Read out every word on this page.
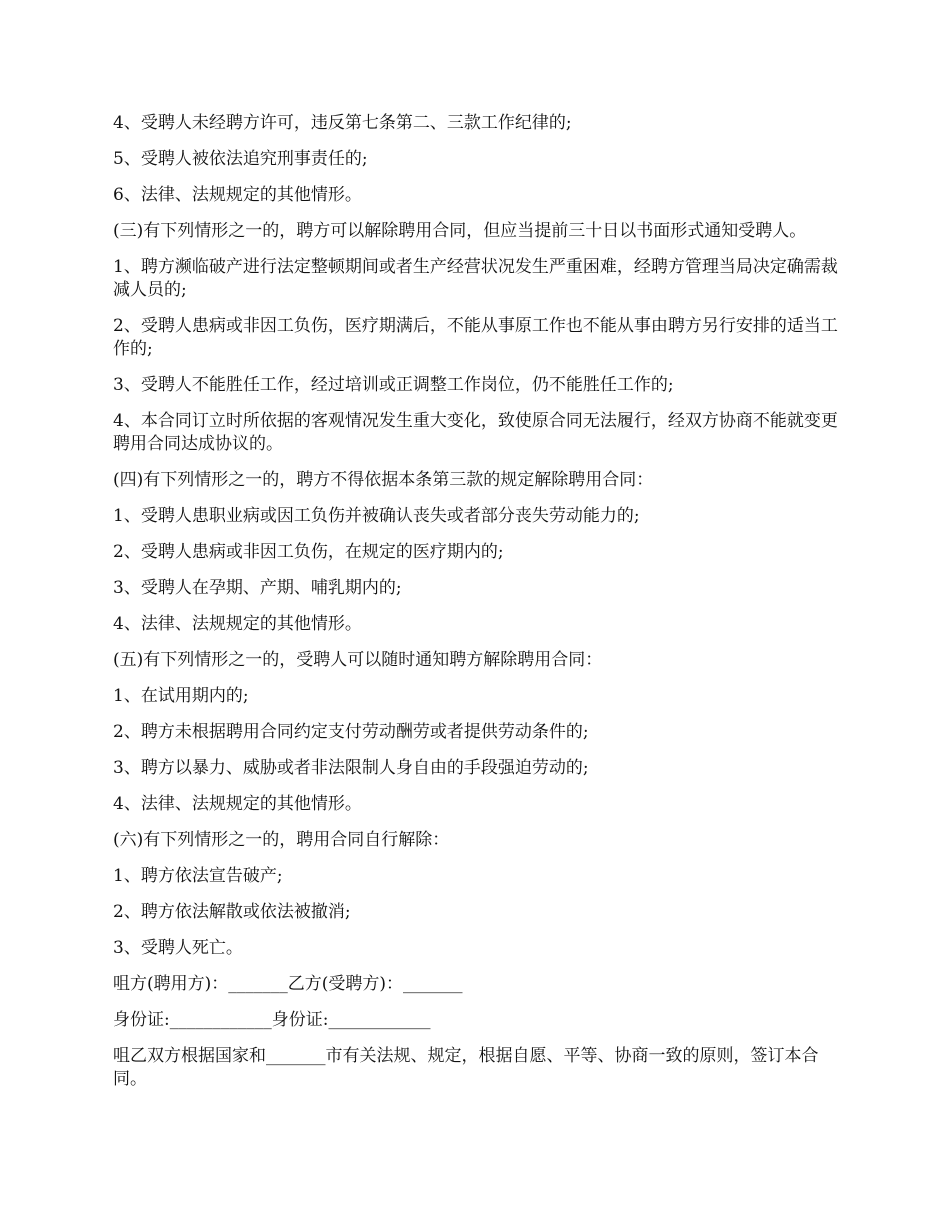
4、受聘人未经聘方许可，违反第七条第二、三款工作纪律的;

5、受聘人被依法追究刑事责任的;

6、法律、法规规定的其他情形。

(三)有下列情形之一的，聘方可以解除聘用合同，但应当提前三十日以书面形式通知受聘人。

1、聘方濒临破产进行法定整顿期间或者生产经营状况发生严重困难，经聘方管理当局决定确需裁减人员的;

2、受聘人患病或非因工负伤，医疗期满后，不能从事原工作也不能从事由聘方另行安排的适当工作的;

3、受聘人不能胜任工作，经过培训或正调整工作岗位，仍不能胜任工作的;

4、本合同订立时所依据的客观情况发生重大变化，致使原合同无法履行，经双方协商不能就变更聘用合同达成协议的。

(四)有下列情形之一的，聘方不得依据本条第三款的规定解除聘用合同：

1、受聘人患职业病或因工负伤并被确认丧失或者部分丧失劳动能力的;

2、受聘人患病或非因工负伤，在规定的医疗期内的;

3、受聘人在孕期、产期、哺乳期内的;

4、法律、法规规定的其他情形。

(五)有下列情形之一的，受聘人可以随时通知聘方解除聘用合同：

1、在试用期内的;

2、聘方未根据聘用合同约定支付劳动酬劳或者提供劳动条件的;

3、聘方以暴力、威胁或者非法限制人身自由的手段强迫劳动的;

4、法律、法规规定的其他情形。

(六)有下列情形之一的，聘用合同自行解除：

1、聘方依法宣告破产;

2、聘方依法解散或依法被撤消;

3、受聘人死亡。

咀方(聘用方)：_______乙方(受聘方)：_______

身份证:____________身份证:____________

咀乙双方根据国家和_______市有关法规、规定，根据自愿、平等、协商一致的原则，签订本合同。
